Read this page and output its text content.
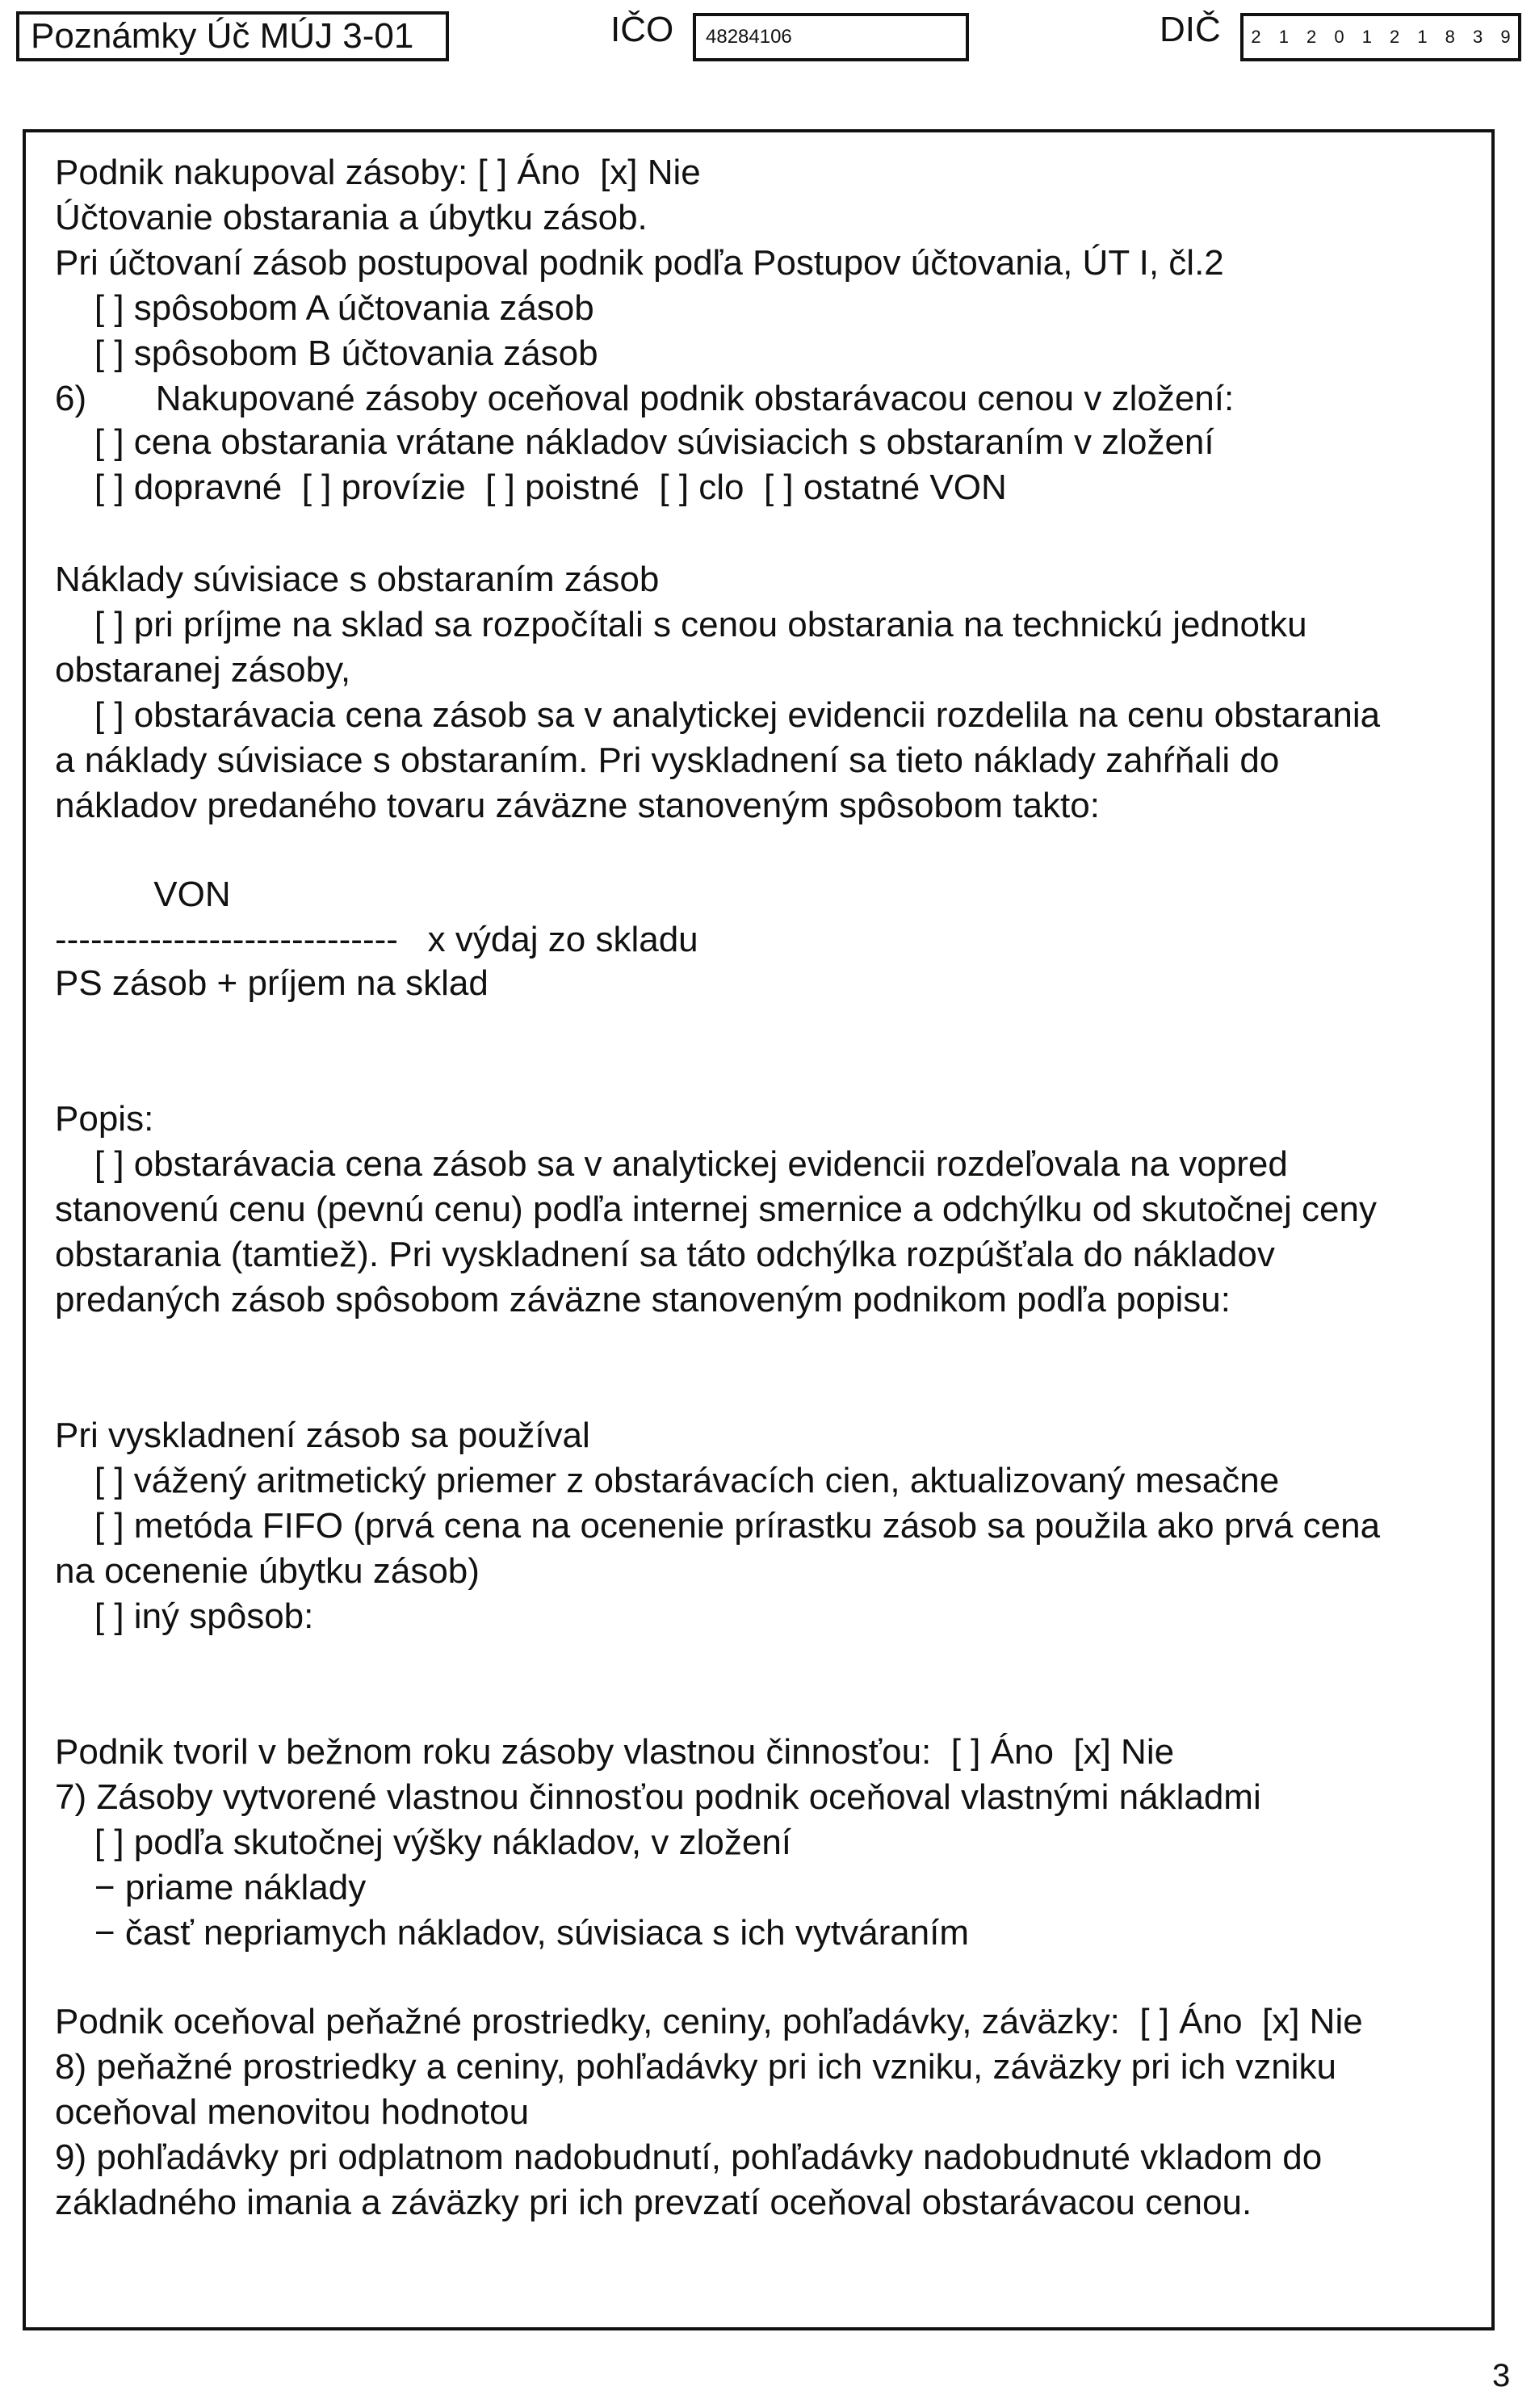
Poznámky Úč MÚJ 3-01	IČO 48284106	DIČ 2 1 2 0 1 2 1 8 3 9
Podnik nakupoval zásoby: [ ] Áno  [x] Nie
Účtovanie obstarania a úbytku zásob.
Pri účtovaní zásob postupoval podnik podľa Postupov účtovania, ÚT I, čl.2
[ ] spôsobom A účtovania zásob
[ ] spôsobom B účtovania zásob
6)       Nakupované zásoby oceňoval podnik obstarávacou cenou v zložení:
[ ] cena obstarania vrátane nákladov súvisiacich s obstaraním v zložení
[ ] dopravné  [ ] provízie  [ ] poistné  [ ] clo  [ ] ostatné VON
Náklady súvisiace s obstaraním zásob
[ ] pri príjme na sklad sa rozpočítali s cenou obstarania na technickú jednotku
obstaranej zásoby,
[ ] obstarávacia cena zásob sa v analytickej evidencii rozdelila na cenu obstarania
a náklady súvisiace s obstaraním. Pri vyskladnení sa tieto náklady zahŕňali do
nákladov predaného tovaru záväzne stanoveným spôsobom takto:
VON
-----------------------------   x výdaj zo skladu
PS zásob + príjem na sklad
Popis:
[ ] obstarávacia cena zásob sa v analytickej evidencii rozdeľovala na vopred
stanovenú cenu (pevnú cenu) podľa internej smernice a odchýlku od skutočnej ceny
obstarania (tamtiež). Pri vyskladnení sa táto odchýlka rozpúšťala do nákladov
predaných zásob spôsobom záväzne stanoveným podnikom podľa popisu:
Pri vyskladnení zásob sa používal
[ ] vážený aritmetický priemer z obstarávacích cien, aktualizovaný mesačne
[ ] metóda FIFO (prvá cena na ocenenie prírastku zásob sa použila ako prvá cena
na ocenenie úbytku zásob)
[ ] iný spôsob:
Podnik tvoril v bežnom roku zásoby vlastnou činnosťou:  [ ] Áno  [x] Nie
7) Zásoby vytvorené vlastnou činnosťou podnik oceňoval vlastnými nákladmi
[ ] podľa skutočnej výšky nákladov, v zložení
− priame náklady
− časť nepriamych nákladov, súvisiaca s ich vytváraním
Podnik oceňoval peňažné prostriedky, ceniny, pohľadávky, záväzky:  [ ] Áno  [x] Nie
8) peňažné prostriedky a ceniny, pohľadávky pri ich vzniku, záväzky pri ich vzniku
oceňoval menovitou hodnotou
9) pohľadávky pri odplatnom nadobudnutí, pohľadávky nadobudnuté vkladom do
základného imania a záväzky pri ich prevzatí oceňoval obstarávacou cenou.
3
